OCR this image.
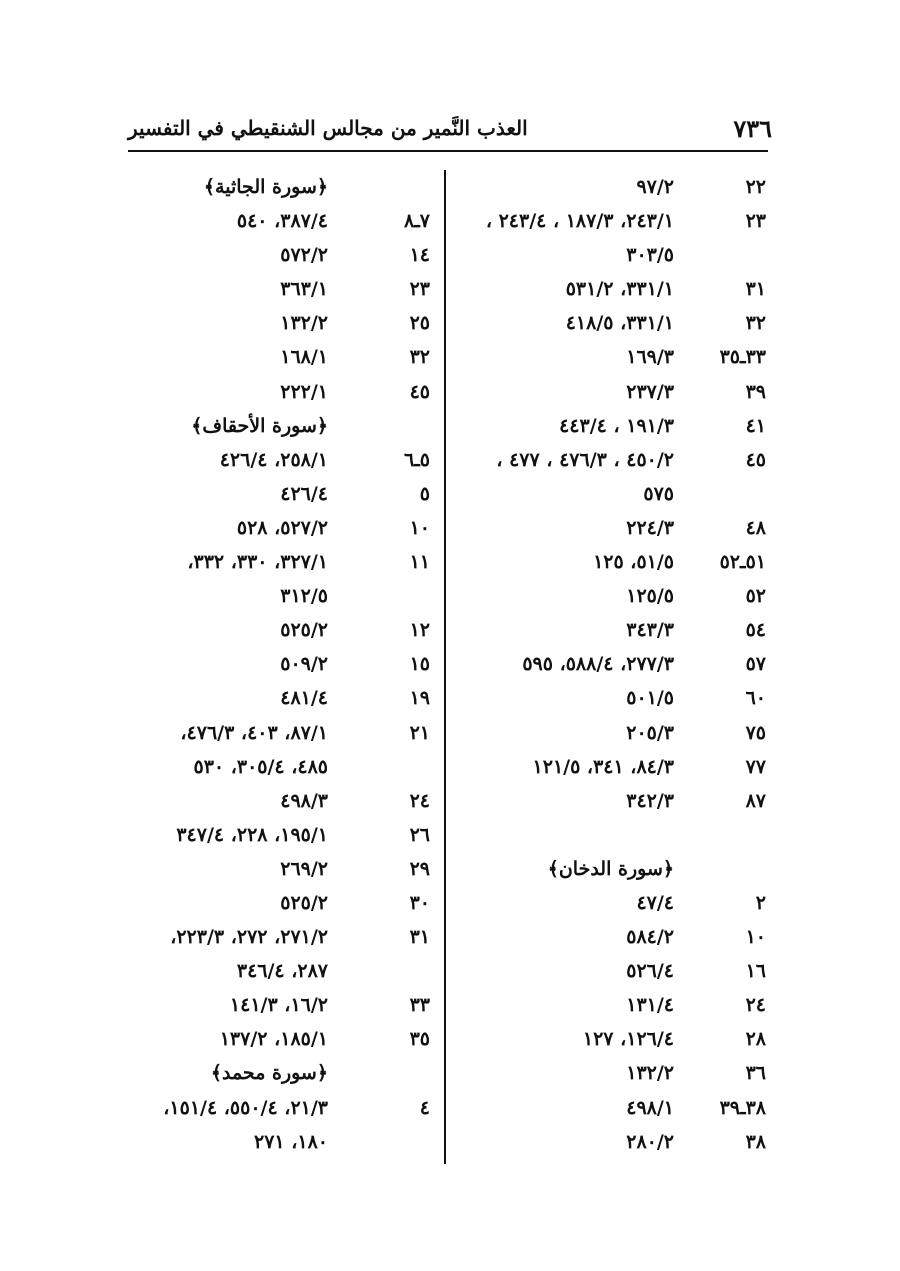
٧٣٦
العذب النَّمير من مجالس الشنقيطي في التفسير
٢٢
٩٧/٢
٢٣
٢٤٣/١، ١٨٧/٣ ، ٢٤٣/٤ ،
٣٠٣/٥
٣١
٣٣١/١، ٥٣١/٢
٣٢
٣٣١/١، ٤١٨/٥
٣٣ـ٣٥
١٦٩/٣
٣٩
٢٣٧/٣
٤١
١٩١/٣ ، ٤٤٣/٤
٤٥
٤٥٠/٢ ، ٤٧٦/٣ ، ٤٧٧ ،
٥٧٥
٤٨
٢٢٤/٣
٥١ـ٥٢
٥١/٥، ١٢٥
٥٢
١٢٥/٥
٥٤
٣٤٣/٣
٥٧
٢٧٧/٣، ٥٨٨/٤، ٥٩٥
٦٠
٥٠١/٥
٧٥
٢٠٥/٣
٧٧
٨٤/٣، ٣٤١، ١٢١/٥
٨٧
٣٤٢/٣
﴿سورة الدخان﴾
٢
٤٧/٤
١٠
٥٨٤/٢
١٦
٥٢٦/٤
٢٤
١٣١/٤
٢٨
١٢٦/٤، ١٢٧
٣٦
١٣٢/٢
٣٨ـ٣٩
٤٩٨/١
٣٨
٢٨٠/٢
﴿سورة الجاثية﴾
٧ـ٨
٣٨٧/٤، ٥٤٠
١٤
٥٧٢/٢
٢٣
٣٦٣/١
٢٥
١٣٢/٢
٣٢
١٦٨/١
٤٥
٢٢٢/١
﴿سورة الأحقاف﴾
٥ـ٦
٢٥٨/١، ٤٢٦/٤
٥
٤٢٦/٤
١٠
٥٢٧/٢، ٥٢٨
١١
٣٢٧/١، ٣٣٠، ٣٣٢،
٣١٢/٥
١٢
٥٢٥/٢
١٥
٥٠٩/٢
١٩
٤٨١/٤
٢١
٨٧/١، ٤٠٣، ٤٧٦/٣،
٤٨٥، ٣٠٥/٤، ٥٣٠
٢٤
٤٩٨/٣
٢٦
١٩٥/١، ٢٢٨، ٣٤٧/٤
٢٩
٢٦٩/٢
٣٠
٥٢٥/٢
٣١
٢٧١/٢، ٢٧٢، ٢٢٣/٣،
٢٨٧، ٣٤٦/٤
٣٣
١٦/٢، ١٤١/٣
٣٥
١٨٥/١، ١٣٧/٢
﴿سورة محمد﴾
٤
٢١/٣، ٥٥٠/٤، ١٥١/٤،
١٨٠، ٢٧١
